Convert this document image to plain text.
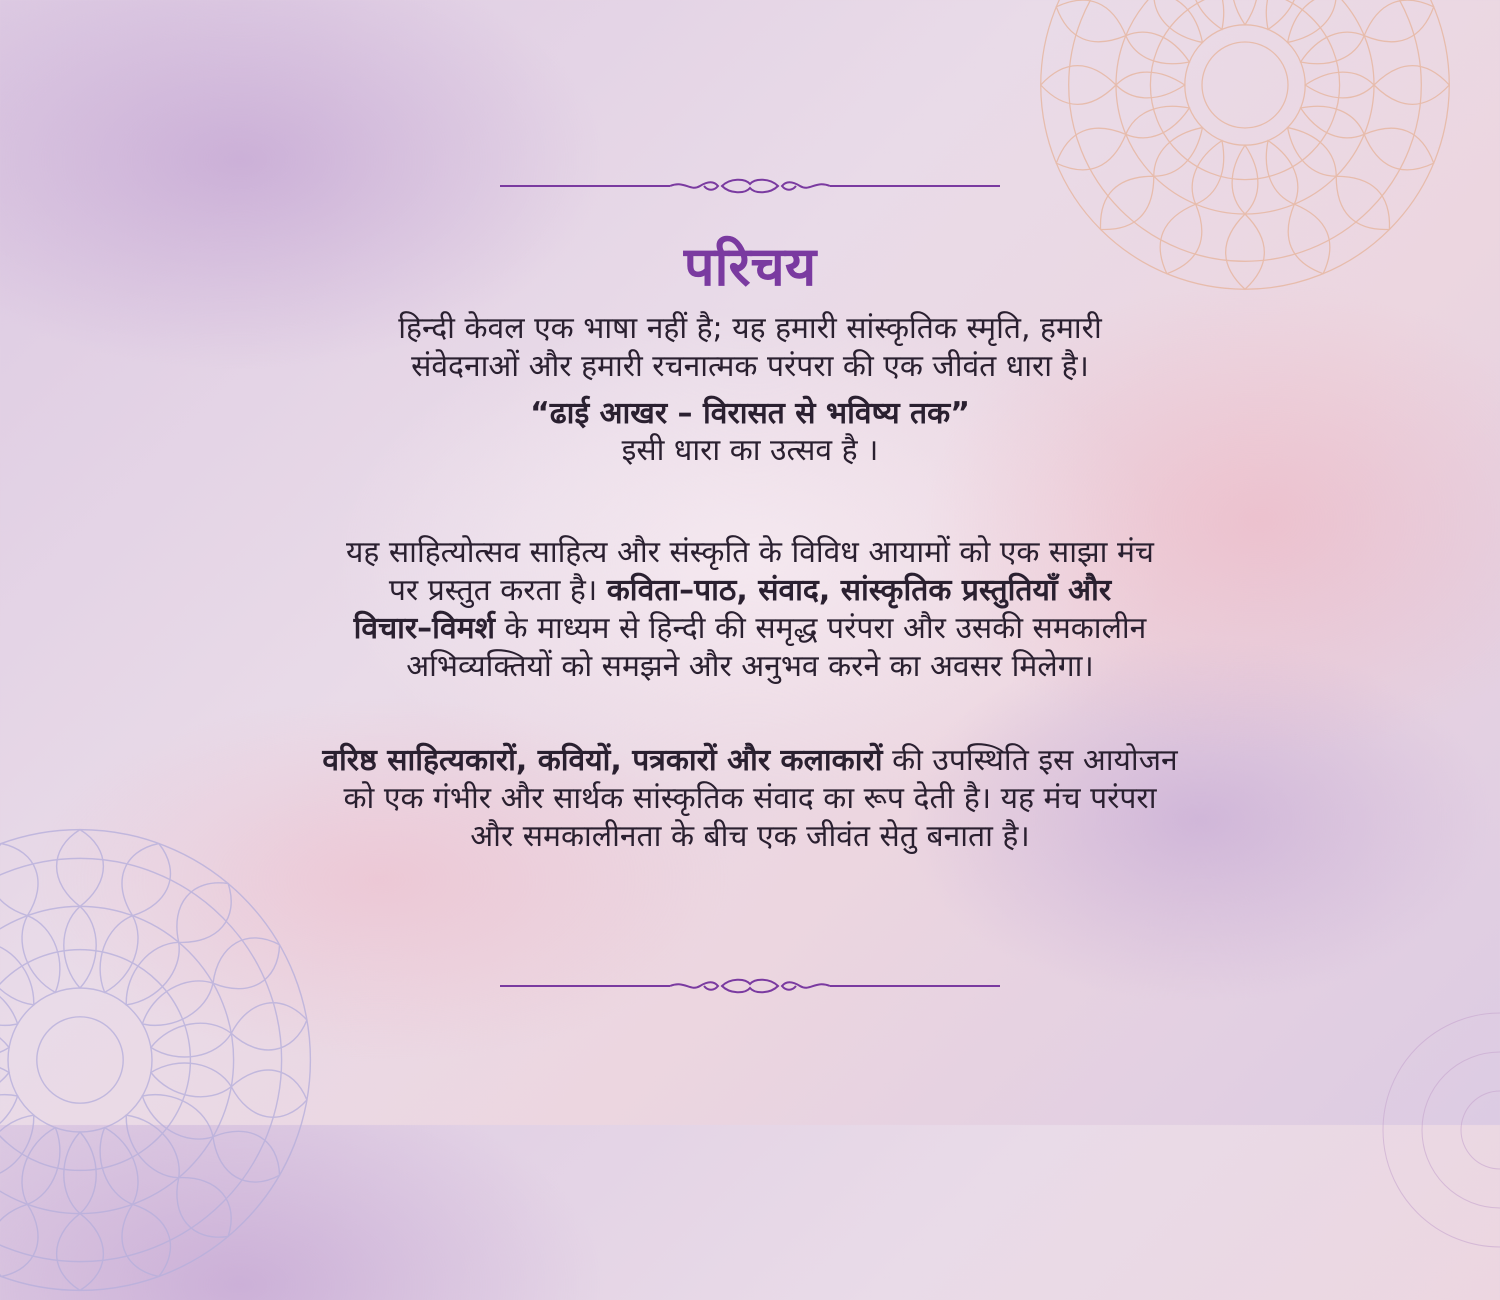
परिचय

हिन्दी केवल एक भाषा नहीं है; यह हमारी सांस्कृतिक स्मृति, हमारी
संवेदनाओं और हमारी रचनात्मक परंपरा की एक जीवंत धारा है।

“ढाई आखर – विरासत से भविष्य तक”

इसी धारा का उत्सव है ।

यह साहित्योत्सव साहित्य और संस्कृति के विविध आयामों को एक साझा मंच
पर प्रस्तुत करता है। कविता–पाठ, संवाद, सांस्कृतिक प्रस्तुतियाँ और
विचार–विमर्श के माध्यम से हिन्दी की समृद्ध परंपरा और उसकी समकालीन
अभिव्यक्तियों को समझने और अनुभव करने का अवसर मिलेगा।

वरिष्ठ साहित्यकारों, कवियों, पत्रकारों और कलाकारों की उपस्थिति इस आयोजन
को एक गंभीर और सार्थक सांस्कृतिक संवाद का रूप देती है। यह मंच परंपरा
और समकालीनता के बीच एक जीवंत सेतु बनाता है।
